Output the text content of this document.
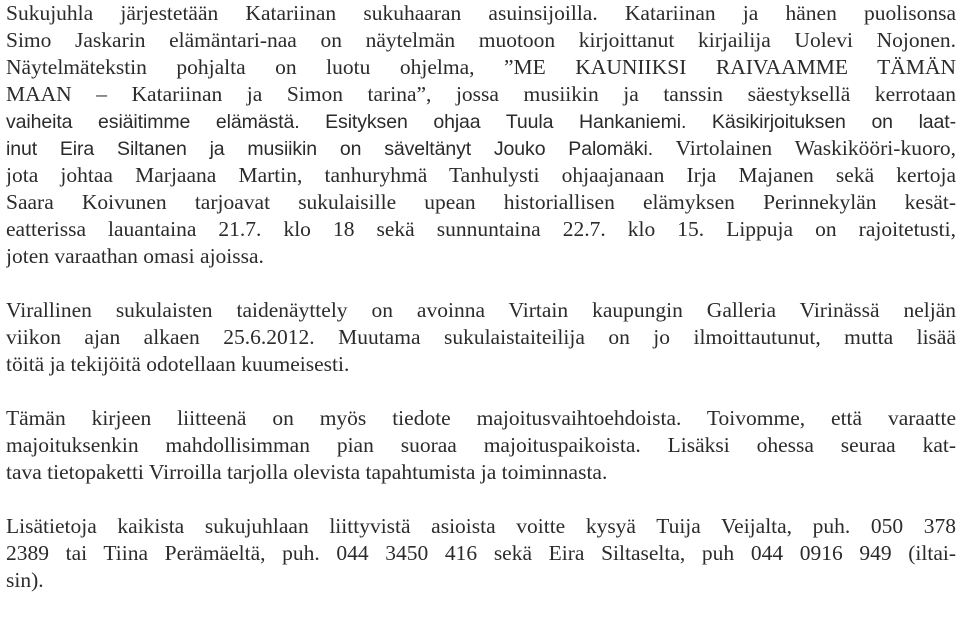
Sukujuhla järjestetään Katariinan sukuhaaran asuinsijoilla. Katariinan ja hänen puolisonsa
Simo Jaskarin elämäntari-naa on näytelmän muotoon kirjoittanut kirjailija Uolevi Nojonen.
Näytelmätekstin pohjalta on luotu ohjelma, ”ME KAUNIIKSI RAIVAAMME TÄMÄN
MAAN – Katariinan ja Simon tarina”, jossa musiikin ja tanssin säestyksellä kerrotaan
vaiheita esiäitimme elämästä. Esityksen ohjaa Tuula Hankaniemi. Käsikirjoituksen on laat-
inut Eira Siltanen ja musiikin on säveltänyt Jouko Palomäki. Virtolainen Waskikööri-kuoro,
jota johtaa Marjaana Martin, tanhuryhmä Tanhulysti ohjaajanaan Irja Majanen sekä kertoja
Saara Koivunen tarjoavat sukulaisille upean historiallisen elämyksen Perinnekylän kesät-
eatterissa lauantaina 21.7. klo 18 sekä sunnuntaina 22.7. klo 15. Lippuja on rajoitetusti,
joten varaathan omasi ajoissa.
Virallinen sukulaisten taidenäyttely on avoinna Virtain kaupungin Galleria Virinässä neljän
viikon ajan alkaen 25.6.2012. Muutama sukulaistaiteilija on jo ilmoittautunut, mutta lisää
töitä ja tekijöitä odotellaan kuumeisesti.
Tämän kirjeen liitteenä on myös tiedote majoitusvaihtoehdoista. Toivomme, että varaatte
majoituksenkin mahdollisimman pian suoraa majoituspaikoista. Lisäksi ohessa seuraa kat-
tava tietopaketti Virroilla tarjolla olevista tapahtumista ja toiminnasta.
Lisätietoja kaikista sukujuhlaan liittyvistä asioista voitte kysyä Tuija Veijalta, puh. 050 378
2389 tai Tiina Perämäeltä, puh. 044 3450 416 sekä Eira Siltaselta, puh 044 0916 949 (iltai-
sin).
